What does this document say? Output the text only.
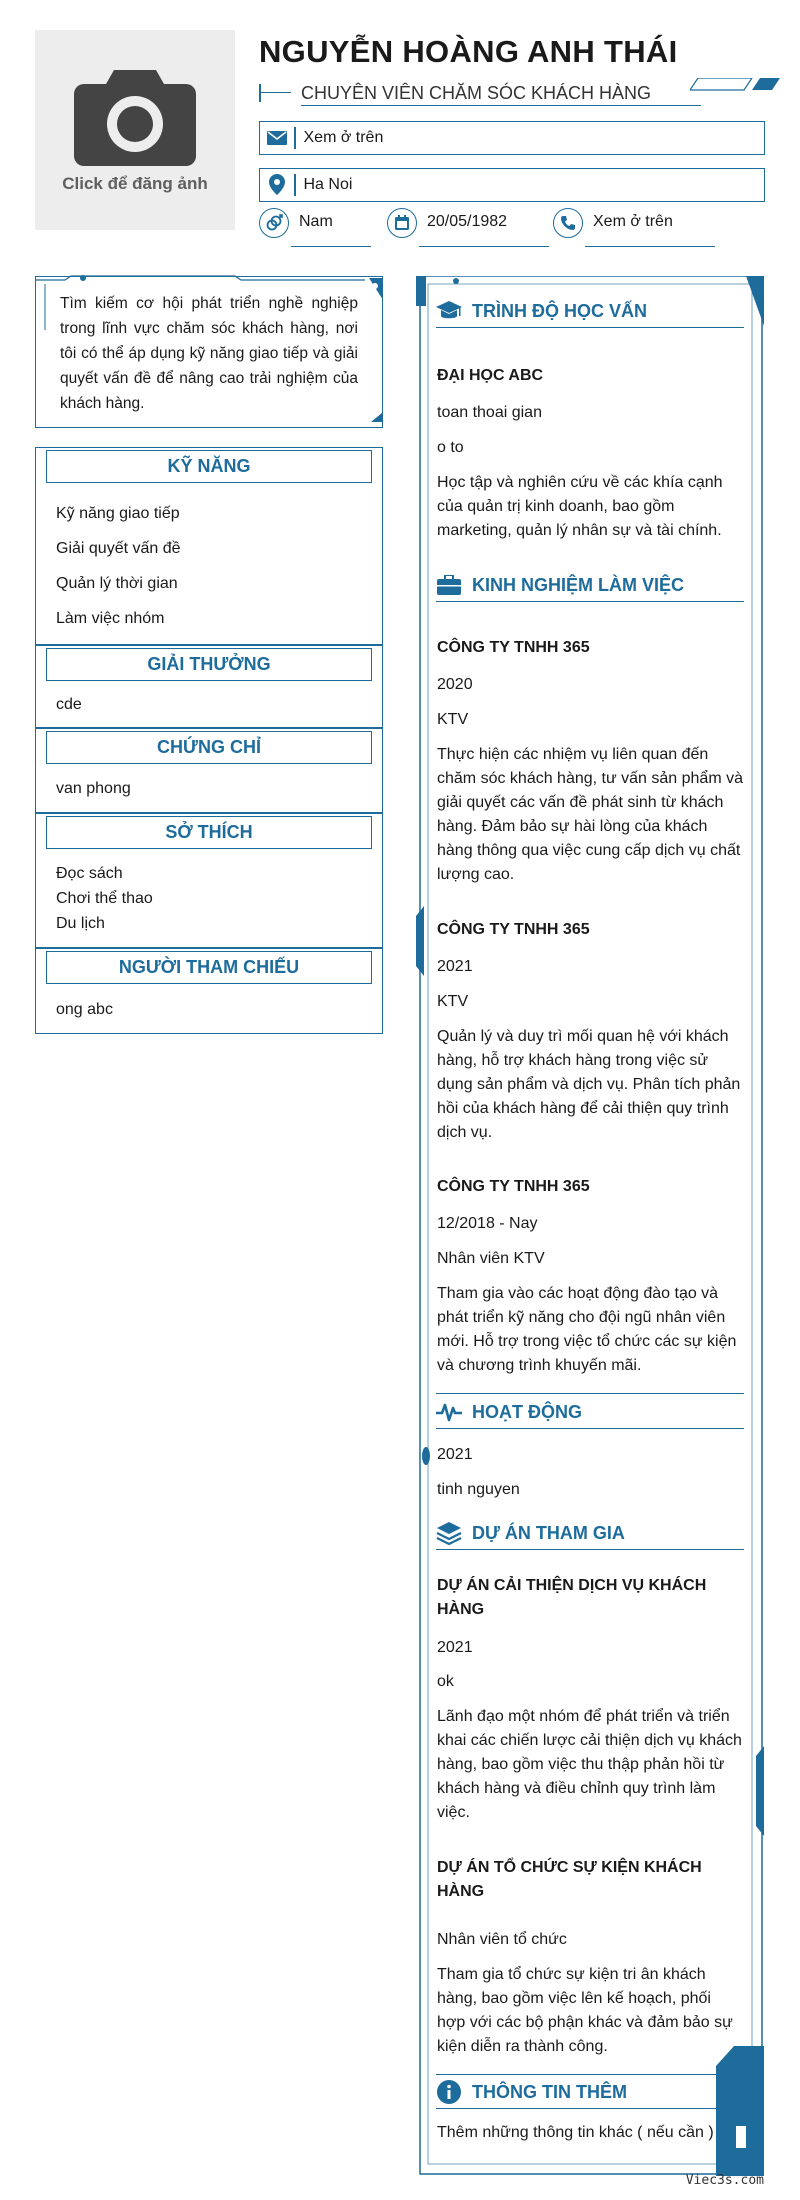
Click để đăng ảnh
NGUYỄN HOÀNG ANH THÁI
CHUYÊN VIÊN CHĂM SÓC KHÁCH HÀNG
Xem ở trên
Ha Noi
Nam	20/05/1982	Xem ở trên

Tìm kiếm cơ hội phát triển nghề nghiệp trong lĩnh vực chăm sóc khách hàng, nơi tôi có thể áp dụng kỹ năng giao tiếp và giải quyết vấn đề để nâng cao trải nghiệm của khách hàng.

KỸ NĂNG
Kỹ năng giao tiếp
Giải quyết vấn đề
Quản lý thời gian
Làm việc nhóm
GIẢI THƯỞNG
cde
CHỨNG CHỈ
van phong
SỞ THÍCH
Đọc sách
Chơi thể thao
Du lịch
NGƯỜI THAM CHIẾU
ong abc
TRÌNH ĐỘ HỌC VẤN
ĐẠI HỌC ABC
toan thoai gian
o to
Học tập và nghiên cứu về các khía cạnh của quản trị kinh doanh, bao gồm marketing, quản lý nhân sự và tài chính.
KINH NGHIỆM LÀM VIỆC
CÔNG TY TNHH 365
2020
KTV
Thực hiện các nhiệm vụ liên quan đến chăm sóc khách hàng, tư vấn sản phẩm và giải quyết các vấn đề phát sinh từ khách hàng. Đảm bảo sự hài lòng của khách hàng thông qua việc cung cấp dịch vụ chất lượng cao.
CÔNG TY TNHH 365
2021
KTV
Quản lý và duy trì mối quan hệ với khách hàng, hỗ trợ khách hàng trong việc sử dụng sản phẩm và dịch vụ. Phân tích phản hồi của khách hàng để cải thiện quy trình dịch vụ.
CÔNG TY TNHH 365
12/2018 - Nay
Nhân viên KTV
Tham gia vào các hoạt động đào tạo và phát triển kỹ năng cho đội ngũ nhân viên mới. Hỗ trợ trong việc tổ chức các sự kiện và chương trình khuyến mãi.
HOẠT ĐỘNG
2021
tinh nguyen
DỰ ÁN THAM GIA
DỰ ÁN CẢI THIỆN DỊCH VỤ KHÁCH HÀNG
2021
ok
Lãnh đạo một nhóm để phát triển và triển khai các chiến lược cải thiện dịch vụ khách hàng, bao gồm việc thu thập phản hồi từ khách hàng và điều chỉnh quy trình làm việc.
DỰ ÁN TỔ CHỨC SỰ KIỆN KHÁCH HÀNG
Nhân viên tổ chức
Tham gia tổ chức sự kiện tri ân khách hàng, bao gồm việc lên kế hoạch, phối hợp với các bộ phận khác và đảm bảo sự kiện diễn ra thành công.
THÔNG TIN THÊM
Thêm những thông tin khác ( nếu cần )
Viec3s.com
